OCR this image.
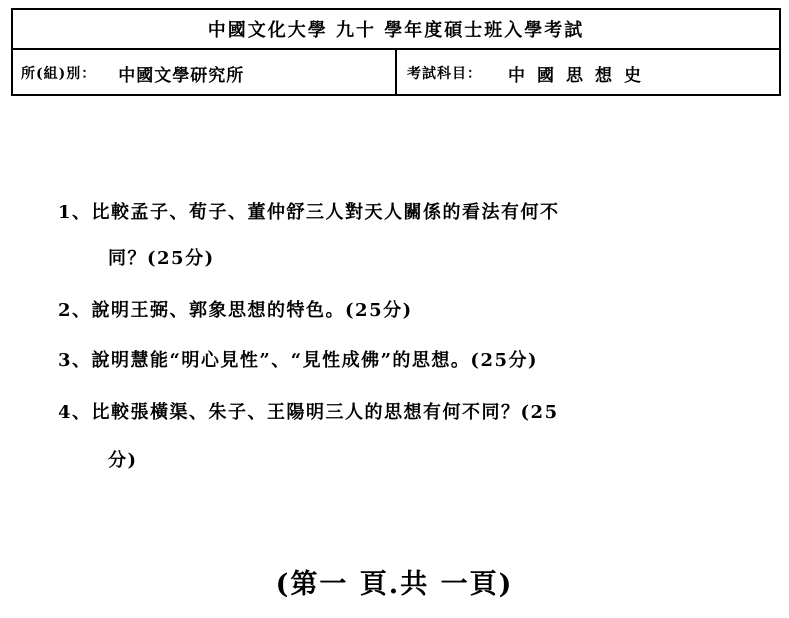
中國文化大學 九十 學年度碩士班入學考試
所(組)別： 中國文學研究所	考試科目： 中國思想史
1、比較孟子、荀子、董仲舒三人對天人關係的看法有何不
同？(25分)
2、說明王弼、郭象思想的特色。(25分)
3、說明慧能“明心見性”、“見性成佛”的思想。(25分)
4、比較張橫渠、朱子、王陽明三人的思想有何不同？(25
分)
(第一 頁.共 一頁)
